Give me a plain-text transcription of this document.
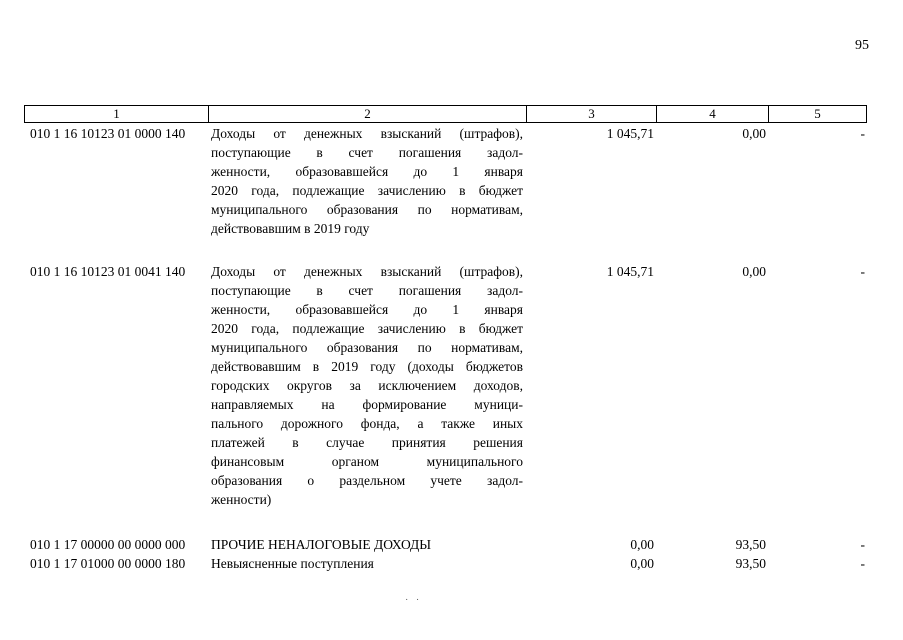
95
1	2	3	4	5
010 1 16 10123 01 0000 140 Доходы от денежных взысканий (штрафов),
поступающие в счет погашения задол-
женности, образовавшейся до 1 января
2020 года, подлежащие зачислению в бюджет
муниципального образования по нормативам,
действовавшим в 2019 году
1 045,71	0,00	-
010 1 16 10123 01 0041 140 Доходы от денежных взысканий (штрафов),
поступающие в счет погашения задол-
женности, образовавшейся до 1 января
2020 года, подлежащие зачислению в бюджет
муниципального образования по нормативам,
действовавшим в 2019 году (доходы бюджетов
городских округов за исключением доходов,
направляемых на формирование муници-
пального дорожного фонда, а также иных
платежей в случае принятия решения
финансовым органом муниципального
образования о раздельном учете задол-
женности)
1 045,71	0,00	-
010 1 17 00000 00 0000 000 ПРОЧИЕ НЕНАЛОГОВЫЕ ДОХОДЫ	0,00	93,50	-
010 1 17 01000 00 0000 180 Невыясненные поступления	0,00	93,50	-
˙   ˙
